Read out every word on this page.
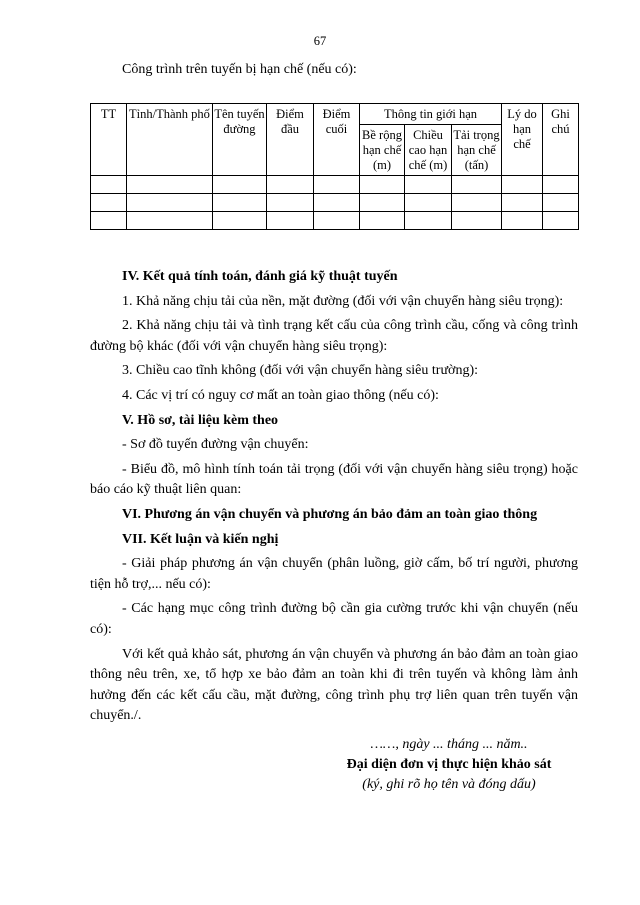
67
Công trình trên tuyến bị hạn chế (nếu có):
TT	Tỉnh/Thành phố	Tên tuyến đường	Điểm đầu	Điểm cuối	Thông tin giới hạn			Lý do hạn chế	Ghi chú
					Bề rộng hạn chế (m)	Chiều cao hạn chế (m)	Tải trọng hạn chế (tấn)		

IV. Kết quả tính toán, đánh giá kỹ thuật tuyến

1. Khả năng chịu tải của nền, mặt đường (đối với vận chuyển hàng siêu trọng):

2. Khả năng chịu tải và tình trạng kết cấu của công trình cầu, cống và công trình đường bộ khác (đối với vận chuyển hàng siêu trọng):

3. Chiều cao tĩnh không (đối với vận chuyển hàng siêu trường):

4. Các vị trí có nguy cơ mất an toàn giao thông (nếu có):

V. Hồ sơ, tài liệu kèm theo

- Sơ đồ tuyến đường vận chuyển:

- Biểu đồ, mô hình tính toán tải trọng (đối với vận chuyển hàng siêu trọng) hoặc báo cáo kỹ thuật liên quan:

VI. Phương án vận chuyển và phương án bảo đảm an toàn giao thông

VII. Kết luận và kiến nghị

- Giải pháp phương án vận chuyển (phân luồng, giờ cấm, bố trí người, phương tiện hỗ trợ,... nếu có):

- Các hạng mục công trình đường bộ cần gia cường trước khi vận chuyển (nếu có):

Với kết quả khảo sát, phương án vận chuyển và phương án bảo đảm an toàn giao thông nêu trên, xe, tổ hợp xe bảo đảm an toàn khi đi trên tuyến và không làm ảnh hưởng đến các kết cấu cầu, mặt đường, công trình phụ trợ liên quan trên tuyến vận chuyển./.

……, ngày ... tháng ... năm..
Đại diện đơn vị thực hiện khảo sát
(ký, ghi rõ họ tên và đóng dấu)
